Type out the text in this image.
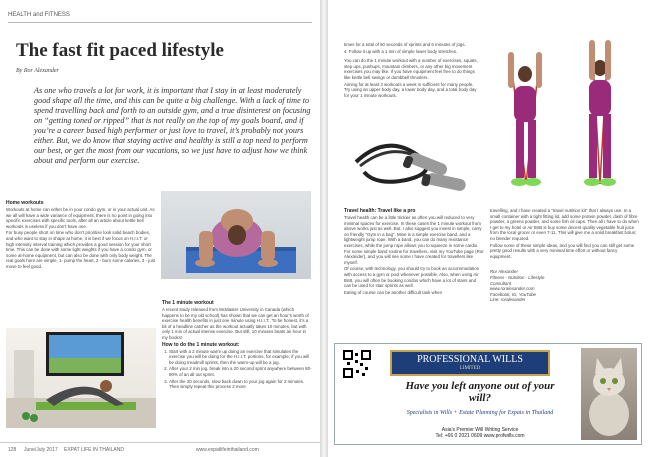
HEALTH and FITNESS
The fast fit paced lifestyle
By Ror Alexander

As one who travels a lot for work, it is important that I stay in at least moderately good shape all the time, and this can be quite a big challenge. With a lack of time to spend travelling back and forth to an outside gym, and a true disinterest on focusing on “getting toned or ripped” that is not really on the top of my goals board, and if you’re a career based high performer or just love to travel, it’s probably not yours either. But, we do know that staying active and healthy is still a top need to perform our best, or get the most from our vacations, so we just have to adjust how we think about and perform our exercise.

Home workouts

Workouts at home can either be in your condo gym, or in your actual unit. As we all will have a wide variance of equipment, there is no point in going into specific exercises with specific tools, after all an article about kettle bell workouts is useless if you don’t have one.

For busy people short on time who don’t prioritise look solid beach bodies, and who want to stay in shape at home, it is best if we focus on H.I.I.T. or high intensity interval training which provides a good session for your short time. This can be done with some light weights if you have a condo gym, or some at-home equipment, but can also be done with only body weight. The real goals here are simple, 1- pump the heart, 2 - burn some calories, 3 - just move to feel good.

The 1 minute workout

A recent study released from McMaster University in Canada (which happens to be my old school) has shown that we can get an hour’s worth of exercise health benefits in just one minute using H.I.I.T.. To be honest, it’s a bit of a headline catcher as the workout actually takes 10 minutes, but with only 1 min of actual intense exercise. But still, 10 minutes beats an hour in my books!

How to do the 1 minute workout:

1. Start with a 2 minute warm up doing an exercise that simulates the exercise you will be doing for the H.I.I.T. portions, for example; if you will be doing treadmill sprints, then the warm-up will be a jog.
2. After your 2 min jog, break into a 20 second sprint anywhere between 80-90% of an all out sprint.
3. After the 20 seconds, slow back down to your jog again for 2 minutes. Then simply repeat this process 2 more
128 June/July 2017 EXPAT LIFE IN THAILAND	www.expatlifeinthailand.com

times for a total of 60 seconds of sprints and 6 minutes of jogs.

4. Follow it up with a 1 min of simple lower body stretches.

You can do the 1 minute workout with a number of exercises, squats, step ups, pushups, mountain climbers, or any other big movement exercises you may like. If you have equipment feel free to do things like kettle bell swings or dumbbell thrusters.

Aiming for at least 3 workouts a week is sufficient for many people. Try using an upper body day, a lower body day, and a total body day for your 1 minute workouts.

Travel health: Travel like a pro

Travel health can be a little trickier as often you will reduced to very minimal spaces for exercise. In these cases the 1 minute workout from above works just as well. But, I also suggest you invest in simple, carry on friendly “Gym in a bag”. Mine is a simple exercise band, and a lightweight jump rope. With a band, you can do many resistance exercises, while the jump rope allows you to squeeze in some cardio. For some simple band routine for travellers, visit my YouTube page (Ror Alexander), and you will see some I have created for travellers like myself.

Of course, with technology, you should try to book an accommodation with access to a gym or pool whenever possible. Also, when using Air BnB, you will often be booking condos which have a lot of stairs and can be used for stair sprints as well.

Eating of course can be another difficult task when

travelling, and I have created a “travel nutrition kit” that I always use. In a small container with a tight fitting lid, add some protein powder, dash of fibre powder, a greens powder, and some fish oil caps. Then all I have to do when I get to my hotel or Air BnB is buy some decent quality vegetable fruit juice from the local grocer or even 7-11. This will give me a solid breakfast bolus; no blender required.

Follow some of these simple ideas, and you will find you can still get some pretty good results with a very minimal time effort or without fancy equipment.

Ror Alexander

Fitness - Nutrition - Lifestyle

Consultant

www.roralexander.com

Facebook, IG, YouTube

Line: roralexander

PROFESSIONAL WILLS
LIMITED

Have you left anyone out of your will?

Specialists in Wills + Estate Planning for Expats in Thailand

Asia’s Premier Will Writing Service
Tel: +66 0 2021 0609 www.profwills.com
